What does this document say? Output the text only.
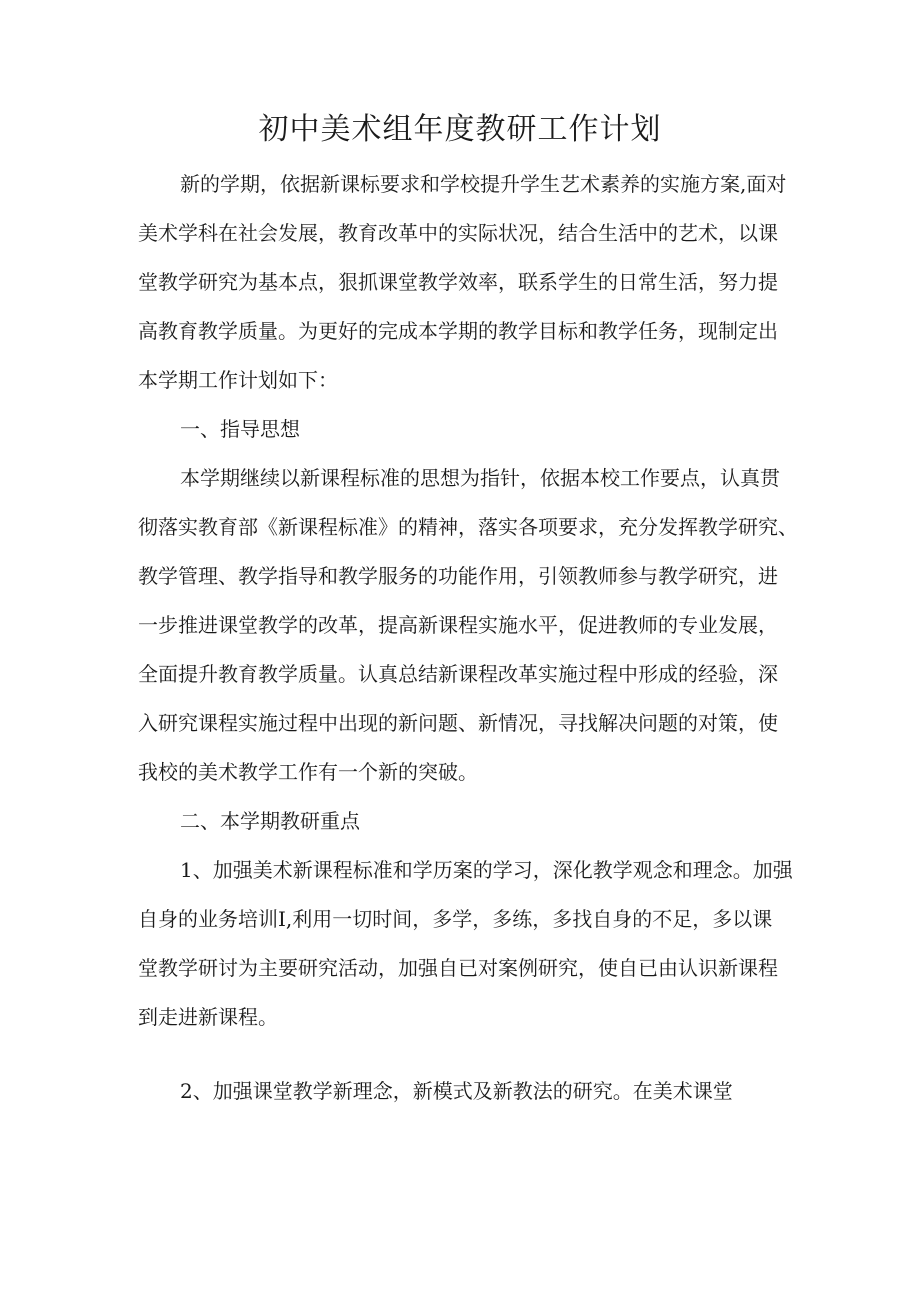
初中美术组年度教研工作计划

新的学期，依据新课标要求和学校提升学生艺术素养的实施方案,面对

美术学科在社会发展，教育改革中的实际状况，结合生活中的艺术，以课

堂教学研究为基本点，狠抓课堂教学效率，联系学生的日常生活，努力提

高教育教学质量。为更好的完成本学期的教学目标和教学任务，现制定出

本学期工作计划如下：

一、指导思想

本学期继续以新课程标准的思想为指针，依据本校工作要点，认真贯

彻落实教育部《新课程标准》的精神，落实各项要求，充分发挥教学研究、

教学管理、教学指导和教学服务的功能作用，引领教师参与教学研究，进

一步推进课堂教学的改革，提高新课程实施水平，促进教师的专业发展，

全面提升教育教学质量。认真总结新课程改革实施过程中形成的经验，深

入研究课程实施过程中出现的新问题、新情况，寻找解决问题的对策，使

我校的美术教学工作有一个新的突破。

二、本学期教研重点

1、加强美术新课程标准和学历案的学习，深化教学观念和理念。加强

自身的业务培训I,利用一切时间，多学，多练，多找自身的不足，多以课

堂教学研讨为主要研究活动，加强自已对案例研究，使自已由认识新课程

到走进新课程。

2、加强课堂教学新理念，新模式及新教法的研究。在美术课堂
